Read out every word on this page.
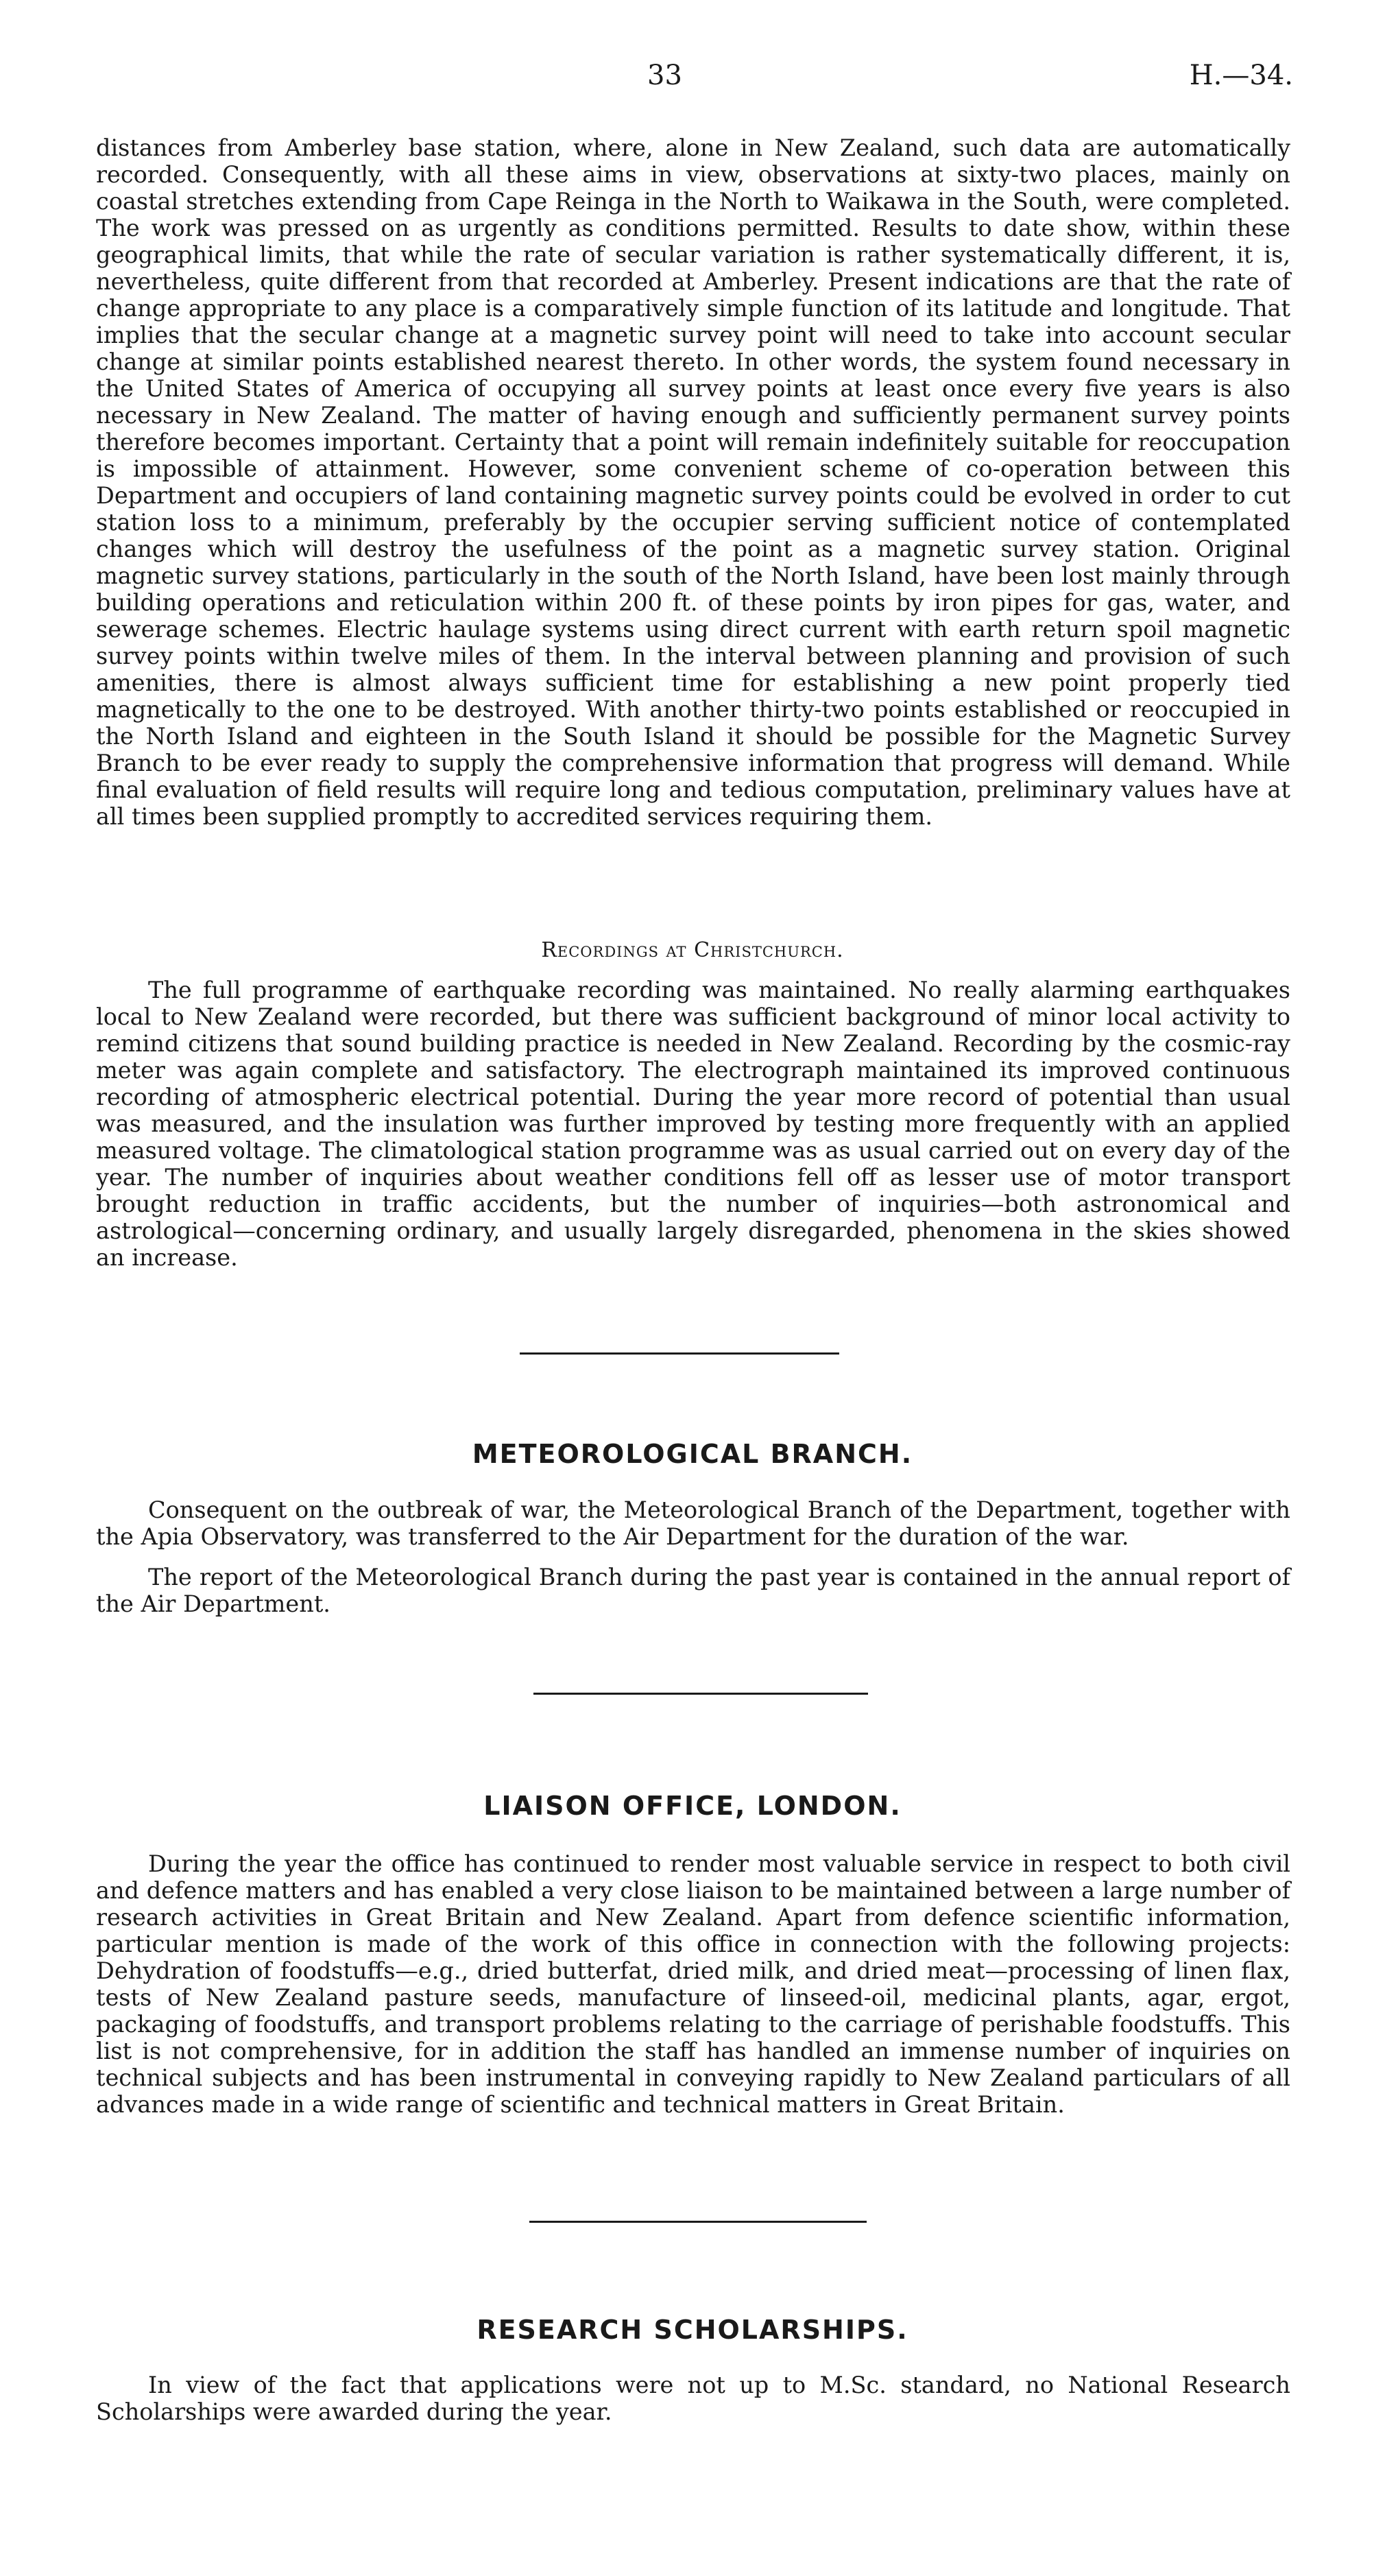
33	H.—34.

distances from Amberley base station, where, alone in New Zealand, such data are automatically recorded. Consequently, with all these aims in view, observations at sixty-two places, mainly on coastal stretches extending from Cape Reinga in the North to Waikawa in the South, were completed. The work was pressed on as urgently as conditions permitted. Results to date show, within these geographical limits, that while the rate of secular variation is rather systematically different, it is, nevertheless, quite different from that recorded at Amberley. Present indications are that the rate of change appropriate to any place is a comparatively simple function of its latitude and longitude. That implies that the secular change at a magnetic survey point will need to take into account secular change at similar points established nearest thereto. In other words, the system found necessary in the United States of America of occupying all survey points at least once every five years is also necessary in New Zealand. The matter of having enough and sufficiently permanent survey points therefore becomes important. Certainty that a point will remain indefinitely suitable for reoccupation is impossible of attainment. However, some convenient scheme of co-operation between this Department and occupiers of land containing magnetic survey points could be evolved in order to cut station loss to a minimum, preferably by the occupier serving sufficient notice of contemplated changes which will destroy the usefulness of the point as a magnetic survey station. Original magnetic survey stations, particularly in the south of the North Island, have been lost mainly through building operations and reticulation within 200 ft. of these points by iron pipes for gas, water, and sewerage schemes. Electric haulage systems using direct current with earth return spoil magnetic survey points within twelve miles of them. In the interval between planning and provision of such amenities, there is almost always sufficient time for establishing a new point properly tied magnetically to the one to be destroyed. With another thirty-two points established or reoccupied in the North Island and eighteen in the South Island it should be possible for the Magnetic Survey Branch to be ever ready to supply the comprehensive information that progress will demand. While final evaluation of field results will require long and tedious computation, preliminary values have at all times been supplied promptly to accredited services requiring them.

Recordings at Christchurch.

The full programme of earthquake recording was maintained. No really alarming earthquakes local to New Zealand were recorded, but there was sufficient background of minor local activity to remind citizens that sound building practice is needed in New Zealand. Recording by the cosmic-ray meter was again complete and satisfactory. The electrograph maintained its improved continuous recording of atmospheric electrical potential. During the year more record of potential than usual was measured, and the insulation was further improved by testing more frequently with an applied measured voltage. The climatological station programme was as usual carried out on every day of the year. The number of inquiries about weather conditions fell off as lesser use of motor transport brought reduction in traffic accidents, but the number of inquiries—both astronomical and astrological—concerning ordinary, and usually largely disregarded, phenomena in the skies showed an increase.

METEOROLOGICAL BRANCH.

Consequent on the outbreak of war, the Meteorological Branch of the Department, together with the Apia Observatory, was transferred to the Air Department for the duration of the war.

The report of the Meteorological Branch during the past year is contained in the annual report of the Air Department.

LIAISON OFFICE, LONDON.

During the year the office has continued to render most valuable service in respect to both civil and defence matters and has enabled a very close liaison to be maintained between a large number of research activities in Great Britain and New Zealand. Apart from defence scientific information, particular mention is made of the work of this office in connection with the following projects: Dehydration of foodstuffs—e.g., dried butterfat, dried milk, and dried meat—processing of linen flax, tests of New Zealand pasture seeds, manufacture of linseed-oil, medicinal plants, agar, ergot, packaging of foodstuffs, and transport problems relating to the carriage of perishable foodstuffs. This list is not comprehensive, for in addition the staff has handled an immense number of inquiries on technical subjects and has been instrumental in conveying rapidly to New Zealand particulars of all advances made in a wide range of scientific and technical matters in Great Britain.

RESEARCH SCHOLARSHIPS.

In view of the fact that applications were not up to M.Sc. standard, no National Research Scholarships were awarded during the year.
